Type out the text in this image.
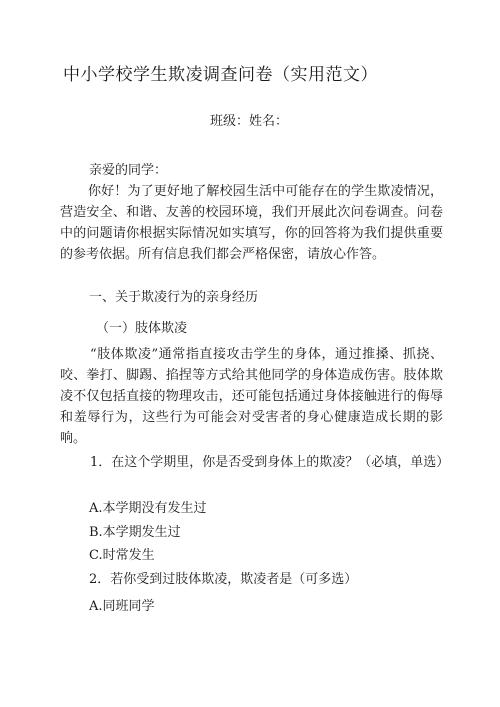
中小学校学生欺凌调查问卷（实用范文）
班级：姓名：
亲爱的同学：
你好！为了更好地了解校园生活中可能存在的学生欺凌情况，营造安全、和谐、友善的校园环境，我们开展此次问卷调查。问卷中的问题请你根据实际情况如实填写，你的回答将为我们提供重要的参考依据。所有信息我们都会严格保密，请放心作答。
一、关于欺凌行为的亲身经历
（一）肢体欺凌
“肢体欺凌”通常指直接攻击学生的身体，通过推搡、抓挠、咬、拳打、脚踢、掐捏等方式给其他同学的身体造成伤害。肢体欺凌不仅包括直接的物理攻击，还可能包括通过身体接触进行的侮辱和羞辱行为，这些行为可能会对受害者的身心健康造成长期的影响。
1．在这个学期里，你是否受到身体上的欺凌？（必填，单选）
A.本学期没有发生过
B.本学期发生过
C.时常发生
2．若你受到过肢体欺凌，欺凌者是（可多选）
A.同班同学
